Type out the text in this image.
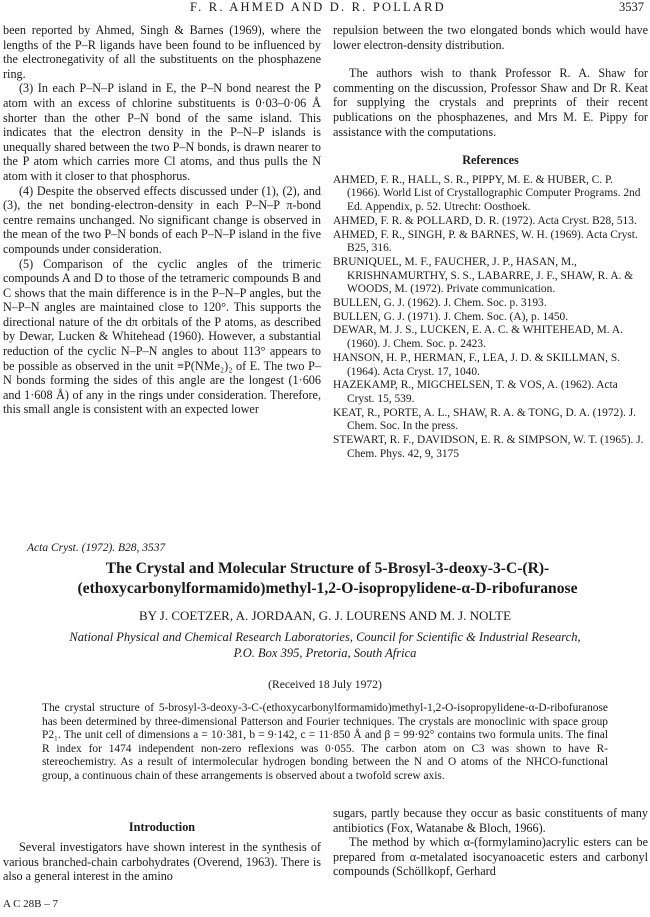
F. R. AHMED AND D. R. POLLARD	3537

been reported by Ahmed, Singh & Barnes (1969), where the lengths of the P–R ligands have been found to be influenced by the electronegativity of all the substituents on the phosphazene ring.

(3) In each P–N–P island in E, the P–N bond nearest the P atom with an excess of chlorine substituents is 0·03–0·06 Å shorter than the other P–N bond of the same island. This indicates that the electron density in the P–N–P islands is unequally shared between the two P–N bonds, is drawn nearer to the P atom which carries more Cl atoms, and thus pulls the N atom with it closer to that phosphorus.

(4) Despite the observed effects discussed under (1), (2), and (3), the net bonding-electron-density in each P–N–P π-bond centre remains unchanged. No significant change is observed in the mean of the two P–N bonds of each P–N–P island in the five compounds under consideration.

(5) Comparison of the cyclic angles of the trimeric compounds A and D to those of the tetrameric compounds B and C shows that the main difference is in the P–N–P angles, but the N–P–N angles are maintained close to 120°. This supports the directional nature of the dπ orbitals of the P atoms, as described by Dewar, Lucken & Whitehead (1960). However, a substantial reduction of the cyclic N–P–N angles to about 113° appears to be possible as observed in the unit ≡P(NMe₂)₂ of E. The two P–N bonds forming the sides of this angle are the longest (1·606 and 1·608 Å) of any in the rings under consideration. Therefore, this small angle is consistent with an expected lower

repulsion between the two elongated bonds which would have lower electron-density distribution.

The authors wish to thank Professor R. A. Shaw for commenting on the discussion, Professor Shaw and Dr R. Keat for supplying the crystals and preprints of their recent publications on the phosphazenes, and Mrs M. E. Pippy for assistance with the computations.

References

AHMED, F. R., HALL, S. R., PIPPY, M. E. & HUBER, C. P. (1966). World List of Crystallographic Computer Programs. 2nd Ed. Appendix, p. 52. Utrecht: Oosthoek.

AHMED, F. R. & POLLARD, D. R. (1972). Acta Cryst. B28, 513.

AHMED, F. R., SINGH, P. & BARNES, W. H. (1969). Acta Cryst. B25, 316.

BRUNIQUEL, M. F., FAUCHER, J. P., HASAN, M., KRISHNAMURTHY, S. S., LABARRE, J. F., SHAW, R. A. & WOODS, M. (1972). Private communication.

BULLEN, G. J. (1962). J. Chem. Soc. p. 3193.

BULLEN, G. J. (1971). J. Chem. Soc. (A), p. 1450.

DEWAR, M. J. S., LUCKEN, E. A. C. & WHITEHEAD, M. A. (1960). J. Chem. Soc. p. 2423.

HANSON, H. P., HERMAN, F., LEA, J. D. & SKILLMAN, S. (1964). Acta Cryst. 17, 1040.

HAZEKAMP, R., MIGCHELSEN, T. & VOS, A. (1962). Acta Cryst. 15, 539.

KEAT, R., PORTE, A. L., SHAW, R. A. & TONG, D. A. (1972). J. Chem. Soc. In the press.

STEWART, R. F., DAVIDSON, E. R. & SIMPSON, W. T. (1965). J. Chem. Phys. 42, 9, 3175

Acta Cryst. (1972). B28, 3537
The Crystal and Molecular Structure of 5-Brosyl-3-deoxy-3-C-(R)-
(ethoxycarbonylformamido)methyl-1,2-O-isopropylidene-α-D-ribofuranose
BY J. COETZER, A. JORDAAN, G. J. LOURENS AND M. J. NOLTE
National Physical and Chemical Research Laboratories, Council for Scientific & Industrial Research,
P.O. Box 395, Pretoria, South Africa
(Received 18 July 1972)
The crystal structure of 5-brosyl-3-deoxy-3-C-(ethoxycarbonylformamido)methyl-1,2-O-isopropylidene-α-D-ribofuranose has been determined by three-dimensional Patterson and Fourier techniques. The crystals are monoclinic with space group P2₁. The unit cell of dimensions a = 10·381, b = 9·142, c = 11·850 Å and β = 99·92° contains two formula units. The final R index for 1474 independent non-zero reflexions was 0·055. The carbon atom on C3 was shown to have R-stereochemistry. As a result of intermolecular hydrogen bonding between the N and O atoms of the NHCO-functional group, a continuous chain of these arrangements is observed about a twofold screw axis.
Introduction

Several investigators have shown interest in the synthesis of various branched-chain carbohydrates (Overend, 1963). There is also a general interest in the amino

sugars, partly because they occur as basic constituents of many antibiotics (Fox, Watanabe & Bloch, 1966).

The method by which α-(formylamino)acrylic esters can be prepared from α-metalated isocyanoacetic esters and carbonyl compounds (Schöllkopf, Gerhard

A C 28B – 7
